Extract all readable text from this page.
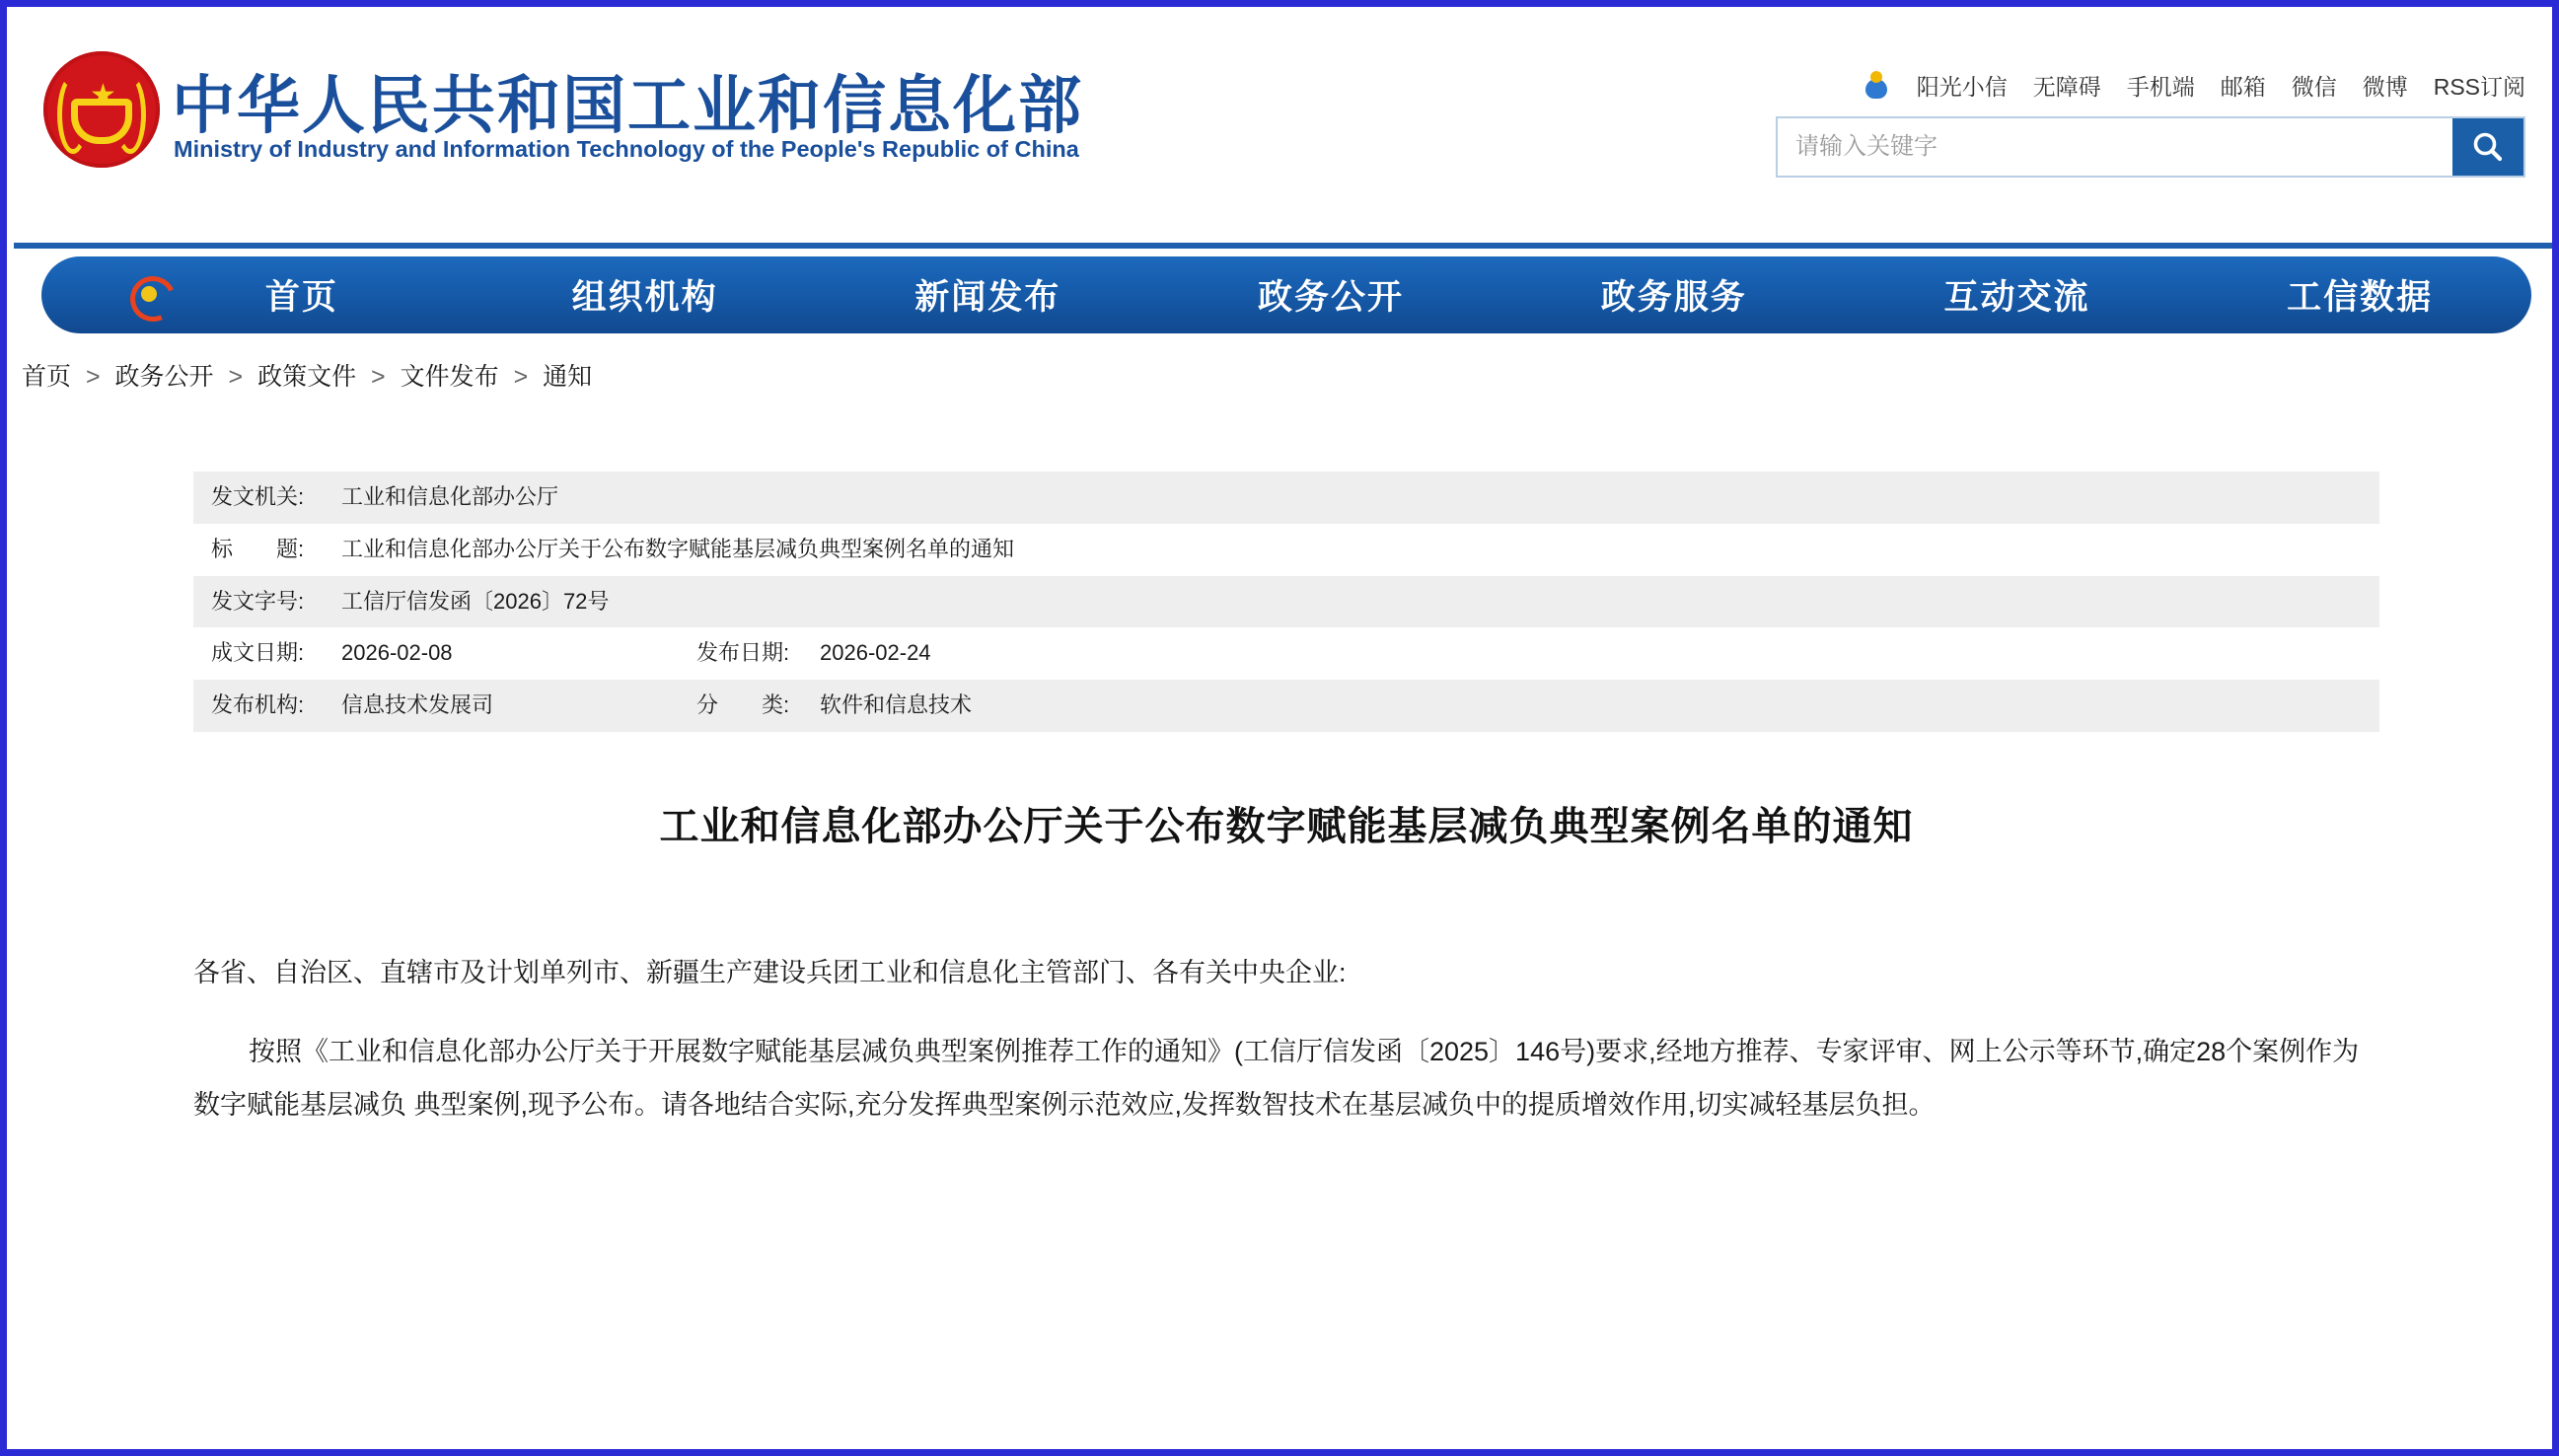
★ 中华人民共和国工业和信息化部
Ministry of Industry and Information Technology of the People's Republic of China
阳光小信 无障碍 手机端 邮箱 微信 微博 RSS订阅
请输入关键字
首页	组织机构	新闻发布	政务公开	政务服务	互动交流	工信数据
首页 > 政务公开 > 政策文件 > 文件发布 > 通知
发文机关:	工业和信息化部办公厅		
标　　题:	工业和信息化部办公厅关于公布数字赋能基层减负典型案例名单的通知		
发文字号:	工信厅信发函〔2026〕72号		
成文日期:	2026-02-08	发布日期:	2026-02-24
发布机构:	信息技术发展司	分　　类:	软件和信息技术
工业和信息化部办公厅关于公布数字赋能基层减负典型案例名单的通知

各省、自治区、直辖市及计划单列市、新疆生产建设兵团工业和信息化主管部门、各有关中央企业:

按照《工业和信息化部办公厅关于开展数字赋能基层减负典型案例推荐工作的通知》(工信厅信发函〔2025〕146号)要求,经地方推荐、专家评审、网上公示等环节,确定28个案例作为数字赋能基层减负 典型案例,现予公布。请各地结合实际,充分发挥典型案例示范效应,发挥数智技术在基层减负中的提质增效作用,切实减轻基层负担。
